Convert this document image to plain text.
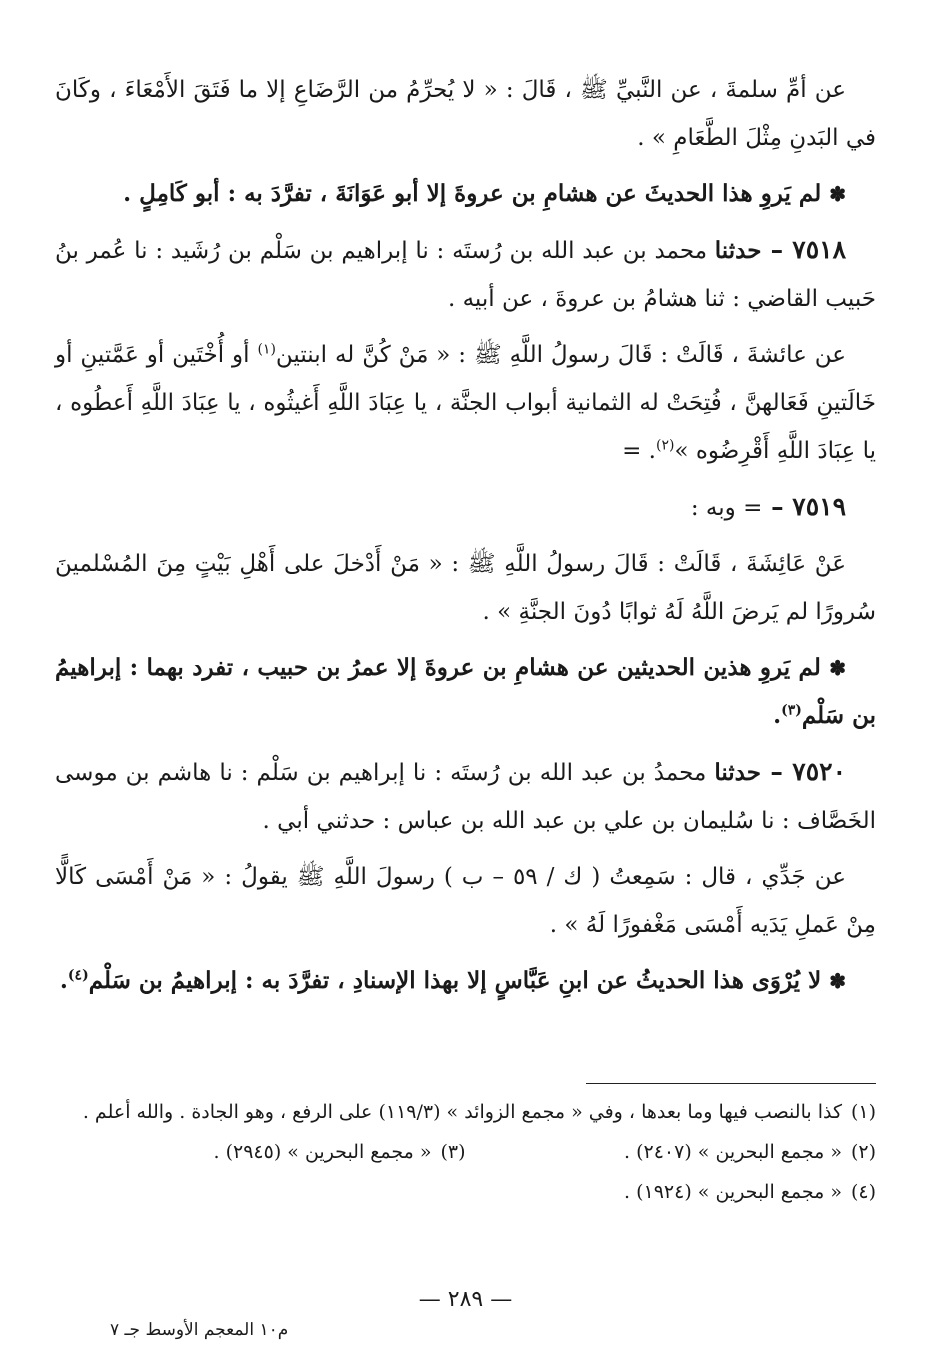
عن أمِّ سلمةَ ، عن النَّبيِّ ﷺ ، قَالَ : « لا يُحرِّمُ من الرَّضَاعِ إلا ما فَتَقَ الأَمْعَاءَ ، وكَانَ في البَدنِ مِثْلَ الطَّعَامِ » .

✽ لم يَروِ هذا الحديثَ عن هشامِ بن عروةَ إلا أبو عَوَانَةَ ، تفرَّدَ به : أبو كَامِلٍ .

٧٥١٨ – حدثنا محمد بن عبد الله بن رُستَه : نا إبراهيم بن سَلْم بن رُشَيد : نا عُمر بنُ حَبيب القاضي : ثنا هشامُ بن عروةَ ، عن أبيه .

عن عائشةَ ، قَالَتْ : قَالَ رسولُ اللَّهِ ﷺ : « مَنْ كُنَّ له ابنتين$^{(١)}$ أو أُخْتَين أو عَمَّتينِ أو خَالَتينِ فَعَالهنَّ ، فُتِحَتْ له الثمانية أبواب الجنَّة ، يا عِبَادَ اللَّهِ أَغيثُوه ، يا عِبَادَ اللَّهِ أَعطُوه ، يا عِبَادَ اللَّهِ أَقْرِضُوه »$^{(٢)}$. =

٧٥١٩ – = وبه :

عَنْ عَائِشَةَ ، قَالَتْ : قَالَ رسولُ اللَّهِ ﷺ : « مَنْ أَدْخلَ على أَهْلِ بَيْتٍ مِنَ المُسْلمينَ سُرورًا لم يَرضَ اللَّهُ لَهُ ثوابًا دُونَ الجنَّةِ » .

✽ لم يَروِ هذين الحديثين عن هشامِ بن عروةَ إلا عمرُ بن حبيب ، تفرد بهما : إبراهيمُ بن سَلْم$^{(٣)}$.

٧٥٢٠ – حدثنا محمدُ بن عبد الله بن رُستَه : نا إبراهيم بن سَلْم : نا هاشم بن موسى الخَصَّاف : نا سُليمان بن علي بن عبد الله بن عباس : حدثني أبي .

عن جَدِّي ، قال : سَمِعتُ ( ك / ٥٩ – ب ) رسولَ اللَّهِ ﷺ يقولُ : « مَنْ أَمْسَى كَالًّا مِنْ عَملِ يَدَيه أَمْسَى مَغْفورًا لَهُ » .

✽ لا يُرْوَى هذا الحديثُ عن ابنِ عَبَّاسٍ إلا بهذا الإسنادِ ، تفرَّدَ به : إبراهيمُ بن سَلْم$^{(٤)}$.

(١)
كذا بالنصب فيها وما بعدها ، وفي « مجمع الزوائد » (١١٩/٣) على الرفع ، وهو الجادة . والله أعلم .
(٢)
« مجمع البحرين » (٢٤٠٧) .
(٣)
« مجمع البحرين » (٢٩٤٥) .
(٤)
« مجمع البحرين » (١٩٢٤) .
— ٢٨٩ —
م١٠ المعجم الأوسط جـ ٧
